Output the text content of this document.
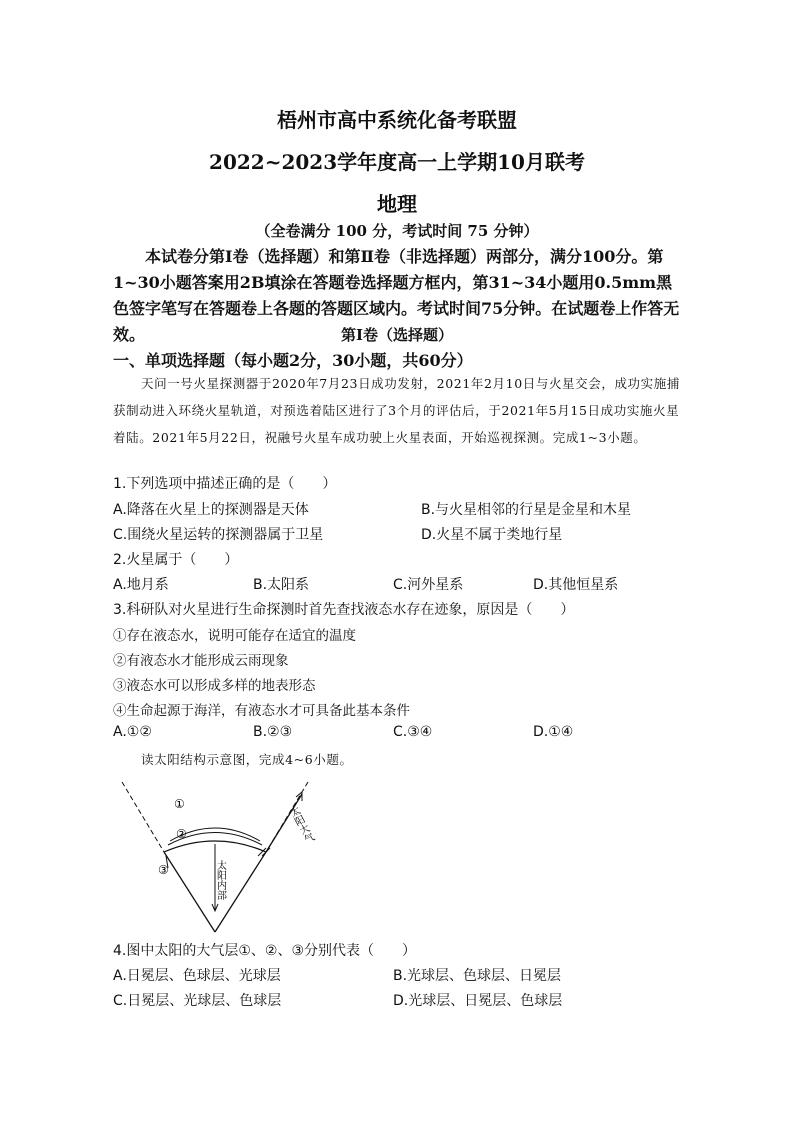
梧州市高中系统化备考联盟
2022~2023学年度高一上学期10月联考
地理
（全卷满分 100 分，考试时间 75 分钟）
本试卷分第Ⅰ卷（选择题）和第Ⅱ卷（非选择题）两部分，满分100分。第1~30小题答案用2B填涂在答题卷选择题方框内，第31~34小题用0.5mm黑色签字笔写在答题卷上各题的答题区域内。考试时间75分钟。在试题卷上作答无效。	第Ⅰ卷（选择题）
一、单项选择题（每小题2分，30小题，共60分）
天问一号火星探测器于2020年7月23日成功发射，2021年2月10日与火星交会，成功实施捕获制动进入环绕火星轨道，对预选着陆区进行了3个月的评估后，于2021年5月15日成功实施火星着陆。2021年5月22日，祝融号火星车成功驶上火星表面，开始巡视探测。完成1~3小题。
1.下列选项中描述正确的是（　　）
A.降落在火星上的探测器是天体	B.与火星相邻的行星是金星和木星
C.围绕火星运转的探测器属于卫星	D.火星不属于类地行星
2.火星属于（　　）
A.地月系	B.太阳系	C.河外星系	D.其他恒星系
3.科研队对火星进行生命探测时首先查找液态水存在迹象，原因是（　　）
①存在液态水，说明可能存在适宜的温度
②有液态水才能形成云雨现象
③液态水可以形成多样的地表形态
④生命起源于海洋，有液态水才可具备此基本条件
A.①②	B.②③	C.③④	D.①④
读太阳结构示意图，完成4~6小题。
①
②
③	太阳内部
太阳大气
4.图中太阳的大气层①、②、③分别代表（　　）
A.日冕层、色球层、光球层	B.光球层、色球层、日冕层
C.日冕层、光球层、色球层	D.光球层、日冕层、色球层
